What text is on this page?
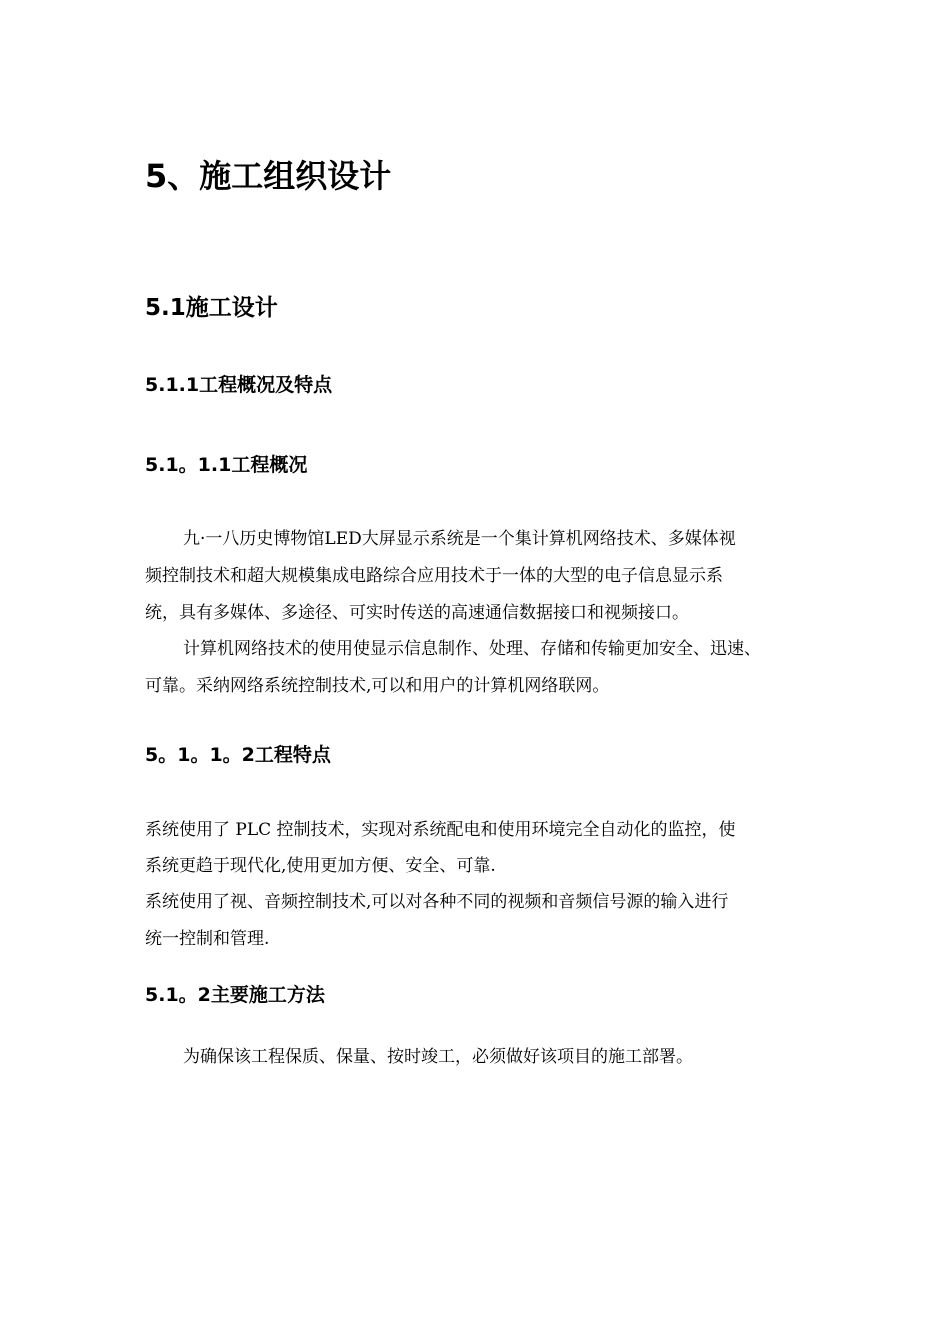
5、施工组织设计
5.1施工设计
5.1.1工程概况及特点
5.1。1.1工程概况

九·一八历史博物馆LED大屏显示系统是一个集计算机网络技术、多媒体视

频控制技术和超大规模集成电路综合应用技术于一体的大型的电子信息显示系

统，具有多媒体、多途径、可实时传送的高速通信数据接口和视频接口。

计算机网络技术的使用使显示信息制作、处理、存储和传输更加安全、迅速、

可靠。采纳网络系统控制技术,可以和用户的计算机网络联网。

5。1。1。2工程特点

系统使用了 PLC 控制技术，实现对系统配电和使用环境完全自动化的监控，使

系统更趋于现代化,使用更加方便、安全、可靠.

系统使用了视、音频控制技术,可以对各种不同的视频和音频信号源的输入进行

统一控制和管理.

5.1。2主要施工方法

为确保该工程保质、保量、按时竣工，必须做好该项目的施工部署。
